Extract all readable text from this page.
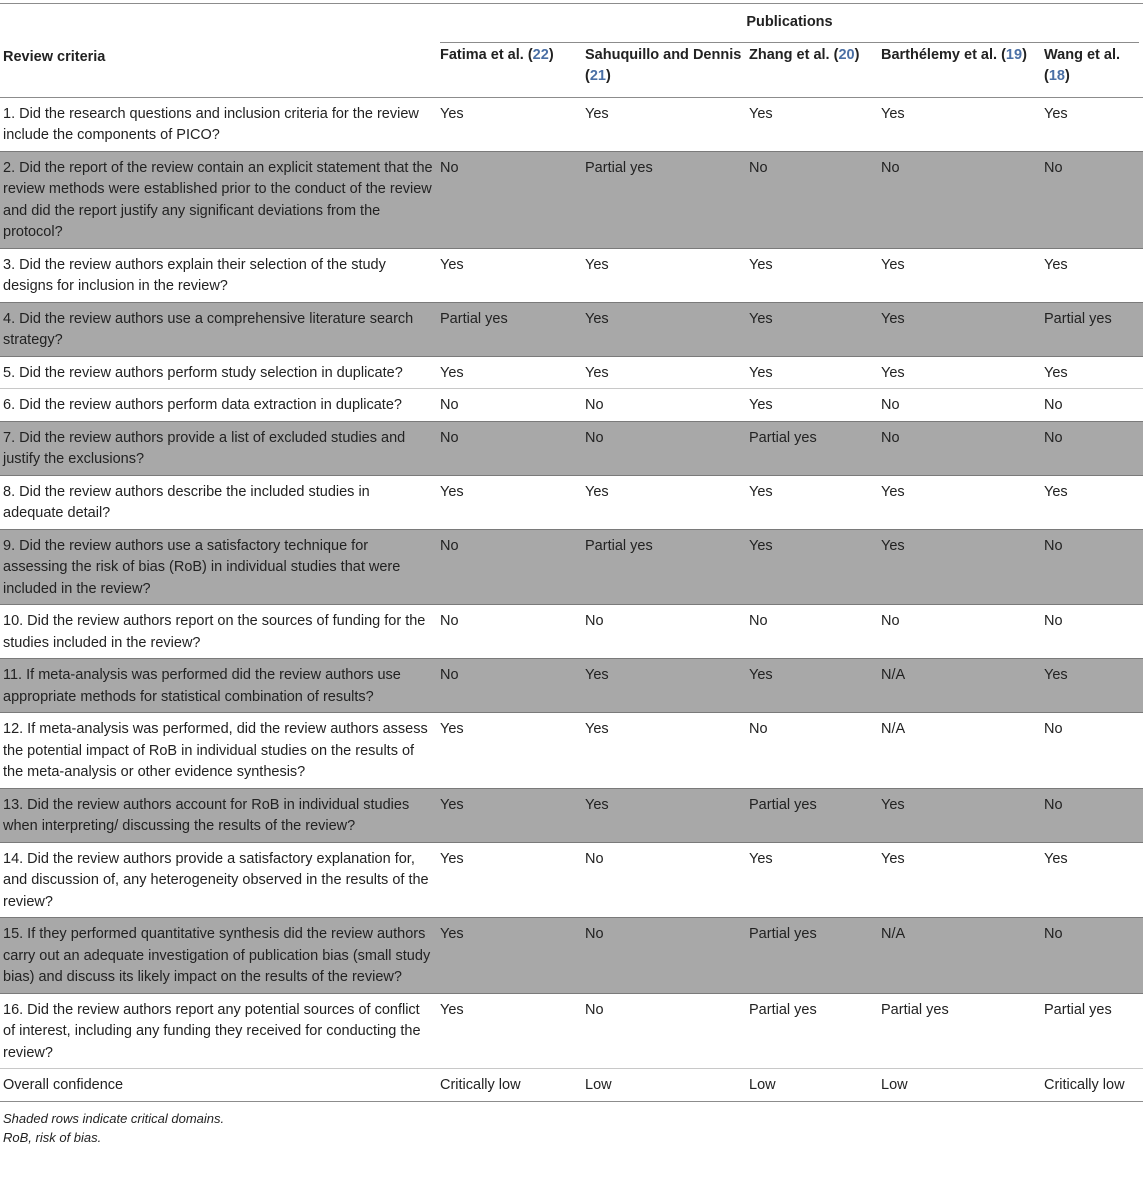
	Publications				

Review criteria	Fatima et al. (22)	Sahuquillo and Dennis (21)	Zhang et al. (20)	Barthélemy et al. (19)	Wang et al. (18)
1. Did the research questions and inclusion criteria for the review include the components of PICO?	Yes	Yes	Yes	Yes	Yes
2. Did the report of the review contain an explicit statement that the review methods were established prior to the conduct of the review and did the report justify any significant deviations from the protocol?	No	Partial yes	No	No	No
3. Did the review authors explain their selection of the study designs for inclusion in the review?	Yes	Yes	Yes	Yes	Yes
4. Did the review authors use a comprehensive literature search strategy?	Partial yes	Yes	Yes	Yes	Partial yes
5. Did the review authors perform study selection in duplicate?	Yes	Yes	Yes	Yes	Yes
6. Did the review authors perform data extraction in duplicate?	No	No	Yes	No	No
7. Did the review authors provide a list of excluded studies and justify the exclusions?	No	No	Partial yes	No	No
8. Did the review authors describe the included studies in adequate detail?	Yes	Yes	Yes	Yes	Yes
9. Did the review authors use a satisfactory technique for assessing the risk of bias (RoB) in individual studies that were included in the review?	No	Partial yes	Yes	Yes	No
10. Did the review authors report on the sources of funding for the studies included in the review?	No	No	No	No	No
11. If meta-analysis was performed did the review authors use appropriate methods for statistical combination of results?	No	Yes	Yes	N/A	Yes
12. If meta-analysis was performed, did the review authors assess the potential impact of RoB in individual studies on the results of the meta-analysis or other evidence synthesis?	Yes	Yes	No	N/A	No
13. Did the review authors account for RoB in individual studies when interpreting/ discussing the results of the review?	Yes	Yes	Partial yes	Yes	No
14. Did the review authors provide a satisfactory explanation for, and discussion of, any heterogeneity observed in the results of the review?	Yes	No	Yes	Yes	Yes
15. If they performed quantitative synthesis did the review authors carry out an adequate investigation of publication bias (small study bias) and discuss its likely impact on the results of the review?	Yes	No	Partial yes	N/A	No
16. Did the review authors report any potential sources of conflict of interest, including any funding they received for conducting the review?	Yes	No	Partial yes	Partial yes	Partial yes
Overall confidence	Critically low	Low	Low	Low	Critically low
Shaded rows indicate critical domains.
RoB, risk of bias.
